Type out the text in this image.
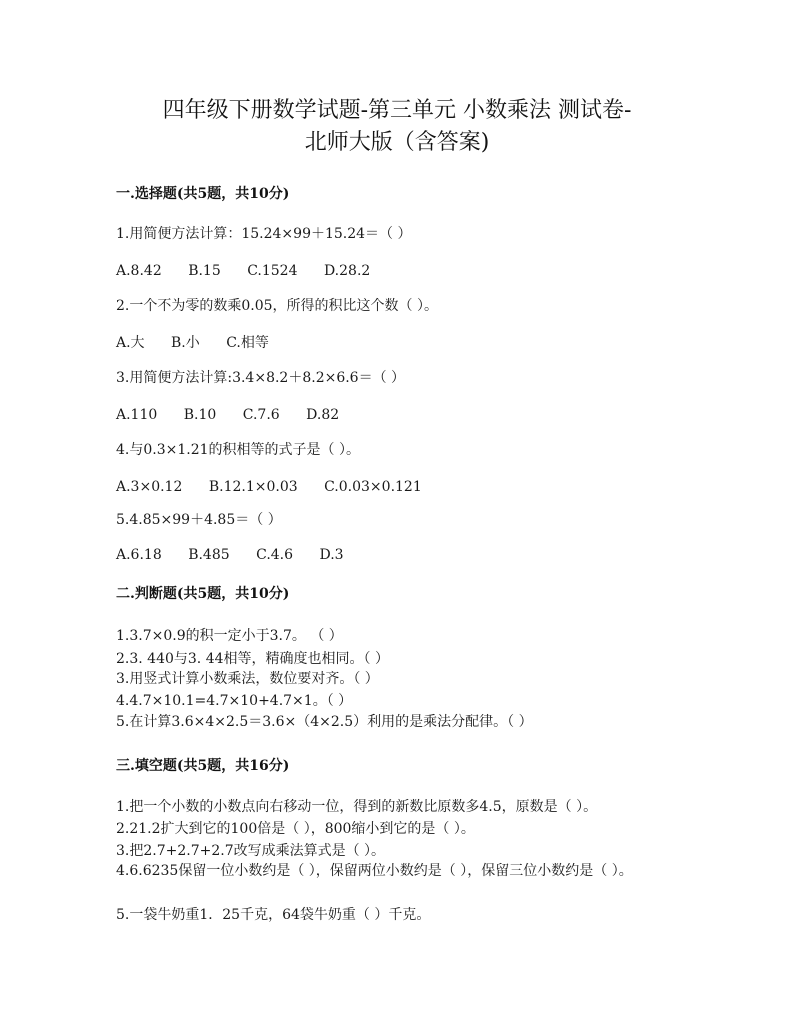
四年级下册数学试题-第三单元 小数乘法 测试卷-
北师大版（含答案)
一.选择题(共5题，共10分)
1.用简便方法计算：15.24×99＋15.24＝（ ）
A.8.42 B.15 C.1524 D.28.2
2.一个不为零的数乘0.05，所得的积比这个数（ ）。
A.大 B.小 C.相等
3.用简便方法计算:3.4×8.2＋8.2×6.6＝（ ）
A.110 B.10 C.7.6 D.82
4.与0.3×1.21的积相等的式子是（ ）。
A.3×0.12 B.12.1×0.03 C.0.03×0.121
5.4.85×99＋4.85＝（ ）
A.6.18 B.485 C.4.6 D.3
二.判断题(共5题，共10分)
1.3.7×0.9的积一定小于3.7。 （ ）
2.3. 440与3. 44相等，精确度也相同。（ ）
3.用竖式计算小数乘法，数位要对齐。（ ）
4.4.7×10.1=4.7×10+4.7×1。（ ）
5.在计算3.6×4×2.5＝3.6×（4×2.5）利用的是乘法分配律。（ ）
三.填空题(共5题，共16分)
1.把一个小数的小数点向右移动一位，得到的新数比原数多4.5，原数是（ ）。
2.21.2扩大到它的100倍是（ ），800缩小到它的是（ ）。
3.把2.7+2.7+2.7改写成乘法算式是（ ）。
4.6.6235保留一位小数约是（ ），保留两位小数约是（ ），保留三位小数约是（ ）。
5.一袋牛奶重1．25千克，64袋牛奶重（ ）千克。
